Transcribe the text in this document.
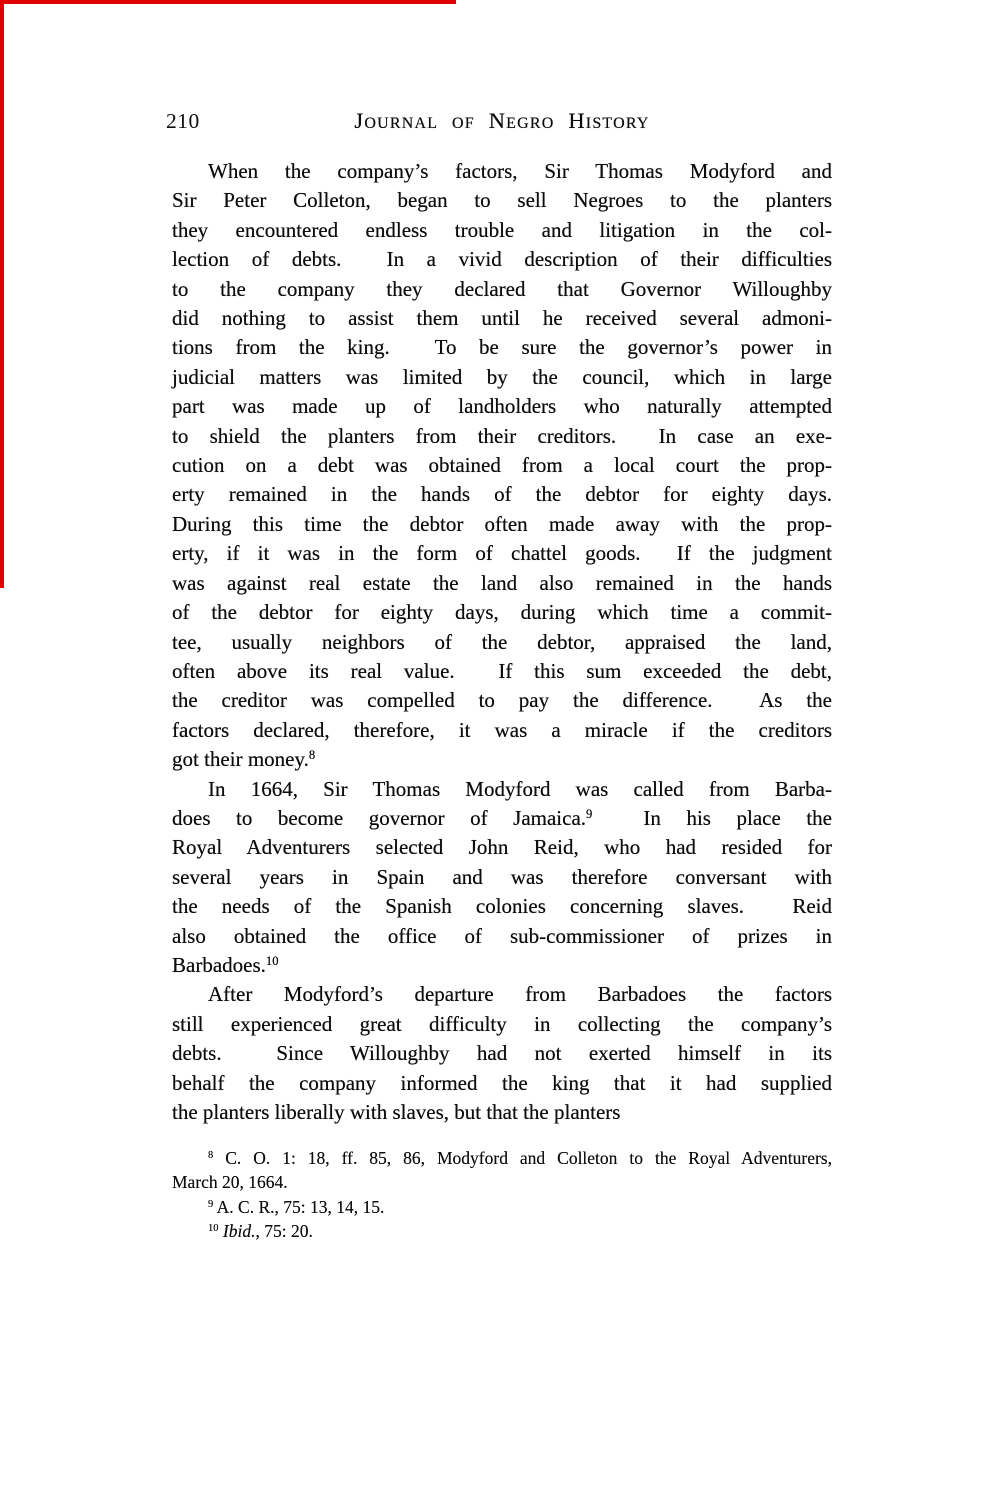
210	Journal of Negro History
When the company’s factors, Sir Thomas Modyford and
Sir Peter Colleton, began to sell Negroes to the planters
they encountered endless trouble and litigation in the col-
lection of debts.  In a vivid description of their difficulties
to the company they declared that Governor Willoughby
did nothing to assist them until he received several admoni-
tions from the king.  To be sure the governor’s power in
judicial matters was limited by the council, which in large
part was made up of landholders who naturally attempted
to shield the planters from their creditors.  In case an exe-
cution on a debt was obtained from a local court the prop-
erty remained in the hands of the debtor for eighty days.
During this time the debtor often made away with the prop-
erty, if it was in the form of chattel goods.  If the judgment
was against real estate the land also remained in the hands
of the debtor for eighty days, during which time a commit-
tee, usually neighbors of the debtor, appraised the land,
often above its real value.  If this sum exceeded the debt,
the creditor was compelled to pay the difference.  As the
factors declared, therefore, it was a miracle if the creditors
got their money.$^8$
In 1664, Sir Thomas Modyford was called from Barba-
does to become governor of Jamaica.$^9$  In his place the
Royal Adventurers selected John Reid, who had resided for
several years in Spain and was therefore conversant with
the needs of the Spanish colonies concerning slaves.  Reid
also obtained the office of sub-commissioner of prizes in
Barbadoes.$^{10}$
After Modyford’s departure from Barbadoes the factors
still experienced great difficulty in collecting the company’s
debts.  Since Willoughby had not exerted himself in its
behalf the company informed the king that it had supplied
the planters liberally with slaves, but that the planters
$^8$ C. O. 1: 18, ff. 85, 86, Modyford and Colleton to the Royal Adventurers,
March 20, 1664.
$^9$ A. C. R., 75: 13, 14, 15.
$^{10}$ Ibid., 75: 20.
